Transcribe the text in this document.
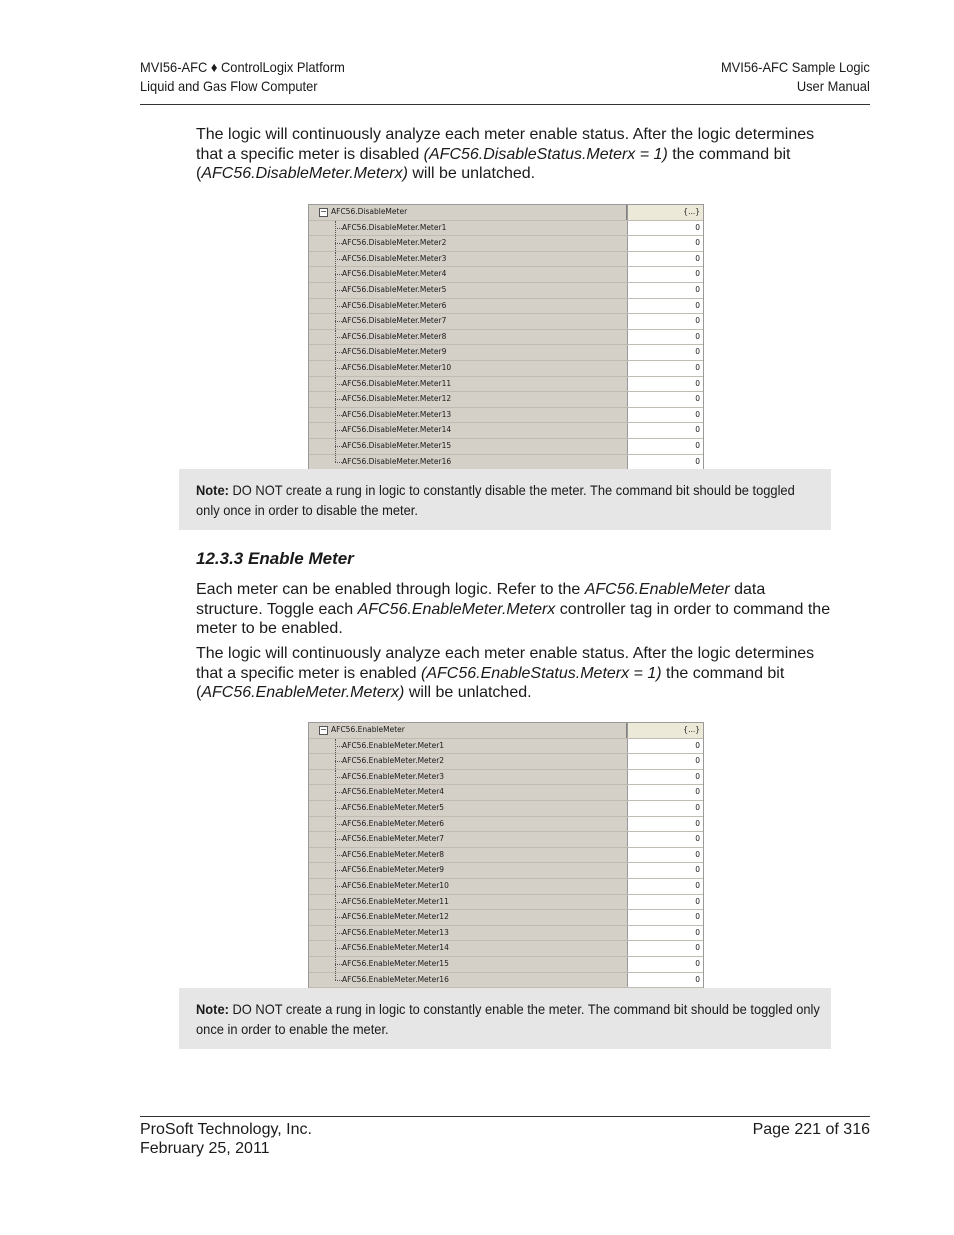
MVI56-AFC ♦ ControlLogix Platform
Liquid and Gas Flow Computer
MVI56-AFC Sample Logic
User Manual
The logic will continuously analyze each meter enable status. After the logic determines that a specific meter is disabled (AFC56.DisableStatus.Meterx = 1) the command bit (AFC56.DisableMeter.Meterx) will be unlatched.
− AFC56.DisableMeter	{...}
AFC56.DisableMeter.Meter1	0
AFC56.DisableMeter.Meter2	0
AFC56.DisableMeter.Meter3	0
AFC56.DisableMeter.Meter4	0
AFC56.DisableMeter.Meter5	0
AFC56.DisableMeter.Meter6	0
AFC56.DisableMeter.Meter7	0
AFC56.DisableMeter.Meter8	0
AFC56.DisableMeter.Meter9	0
AFC56.DisableMeter.Meter10	0
AFC56.DisableMeter.Meter11	0
AFC56.DisableMeter.Meter12	0
AFC56.DisableMeter.Meter13	0
AFC56.DisableMeter.Meter14	0
AFC56.DisableMeter.Meter15	0
AFC56.DisableMeter.Meter16	0
Note: DO NOT create a rung in logic to constantly disable the meter. The command bit should be toggled only once in order to disable the meter.
12.3.3 Enable Meter
Each meter can be enabled through logic. Refer to the AFC56.EnableMeter data structure. Toggle each AFC56.EnableMeter.Meterx controller tag in order to command the meter to be enabled.
The logic will continuously analyze each meter enable status. After the logic determines that a specific meter is enabled (AFC56.EnableStatus.Meterx = 1) the command bit (AFC56.EnableMeter.Meterx) will be unlatched.
− AFC56.EnableMeter	{...}
AFC56.EnableMeter.Meter1	0
AFC56.EnableMeter.Meter2	0
AFC56.EnableMeter.Meter3	0
AFC56.EnableMeter.Meter4	0
AFC56.EnableMeter.Meter5	0
AFC56.EnableMeter.Meter6	0
AFC56.EnableMeter.Meter7	0
AFC56.EnableMeter.Meter8	0
AFC56.EnableMeter.Meter9	0
AFC56.EnableMeter.Meter10	0
AFC56.EnableMeter.Meter11	0
AFC56.EnableMeter.Meter12	0
AFC56.EnableMeter.Meter13	0
AFC56.EnableMeter.Meter14	0
AFC56.EnableMeter.Meter15	0
AFC56.EnableMeter.Meter16	0
Note: DO NOT create a rung in logic to constantly enable the meter. The command bit should be toggled only once in order to enable the meter.
ProSoft Technology, Inc.
February 25, 2011
Page 221 of 316
